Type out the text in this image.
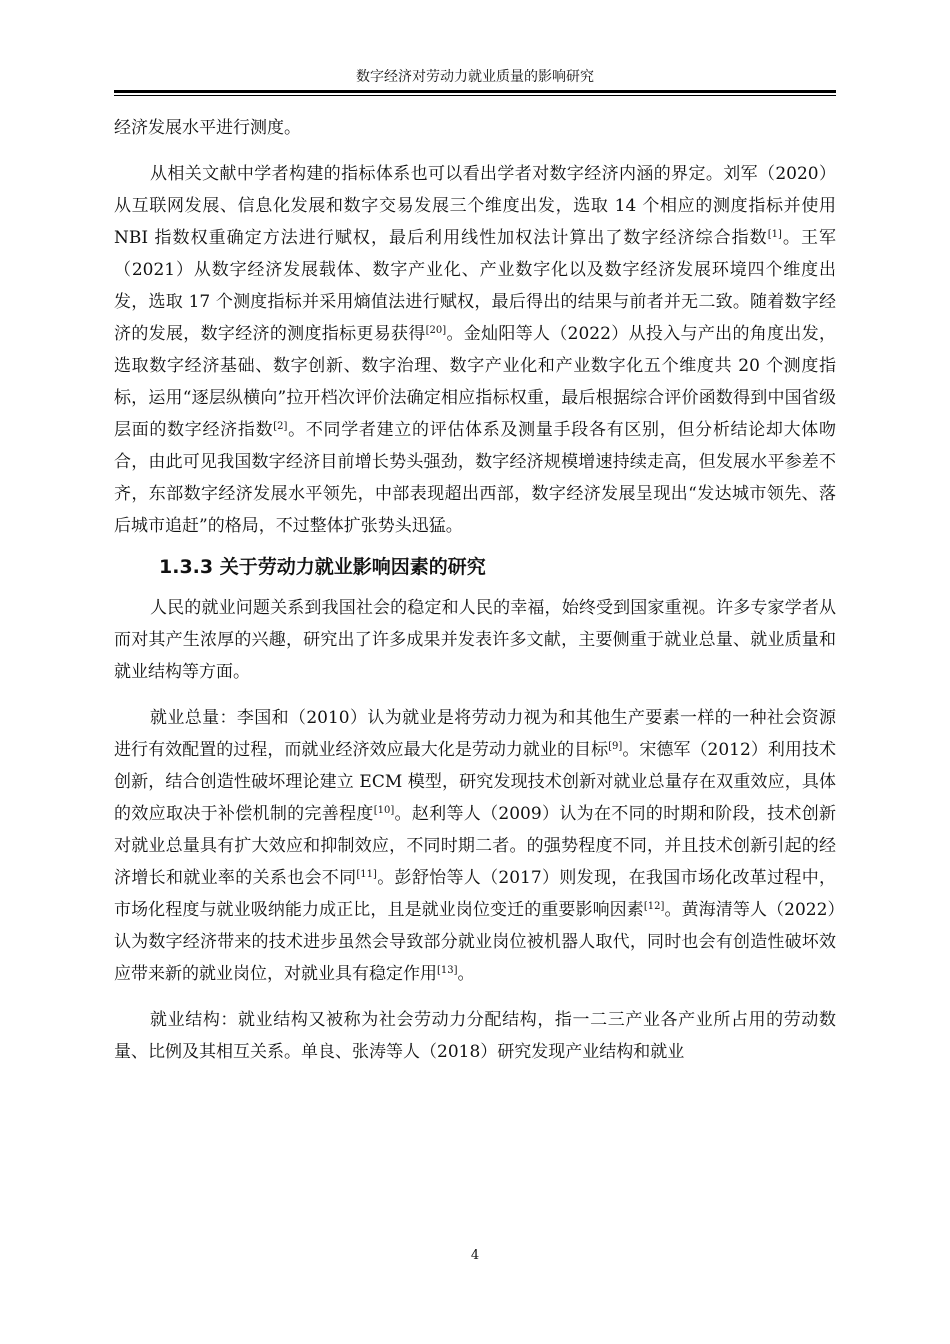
数字经济对劳动力就业质量的影响研究

经济发展水平进行测度。

从相关文献中学者构建的指标体系也可以看出学者对数字经济内涵的界定。刘军（2020）从互联网发展、信息化发展和数字交易发展三个维度出发，选取 14 个相应的测度指标并使用 NBI 指数权重确定方法进行赋权，最后利用线性加权法计算出了数字经济综合指数[1]。王军（2021）从数字经济发展载体、数字产业化、产业数字化以及数字经济发展环境四个维度出发，选取 17 个测度指标并采用熵值法进行赋权，最后得出的结果与前者并无二致。随着数字经济的发展，数字经济的测度指标更易获得[20]。金灿阳等人（2022）从投入与产出的角度出发，选取数字经济基础、数字创新、数字治理、数字产业化和产业数字化五个维度共 20 个测度指标，运用“逐层纵横向”拉开档次评价法确定相应指标权重，最后根据综合评价函数得到中国省级层面的数字经济指数[2]。不同学者建立的评估体系及测量手段各有区别，但分析结论却大体吻合，由此可见我国数字经济目前增长势头强劲，数字经济规模增速持续走高，但发展水平参差不齐，东部数字经济发展水平领先，中部表现超出西部，数字经济发展呈现出“发达城市领先、落后城市追赶”的格局，不过整体扩张势头迅猛。

1.3.3 关于劳动力就业影响因素的研究

人民的就业问题关系到我国社会的稳定和人民的幸福，始终受到国家重视。许多专家学者从而对其产生浓厚的兴趣，研究出了许多成果并发表许多文献，主要侧重于就业总量、就业质量和就业结构等方面。

就业总量：李国和（2010）认为就业是将劳动力视为和其他生产要素一样的一种社会资源进行有效配置的过程，而就业经济效应最大化是劳动力就业的目标[9]。宋德军（2012）利用技术创新，结合创造性破坏理论建立 ECM 模型，研究发现技术创新对就业总量存在双重效应，具体的效应取决于补偿机制的完善程度[10]。赵利等人（2009）认为在不同的时期和阶段，技术创新对就业总量具有扩大效应和抑制效应，不同时期二者。的强势程度不同，并且技术创新引起的经济增长和就业率的关系也会不同[11]。彭舒怡等人（2017）则发现，在我国市场化改革过程中，市场化程度与就业吸纳能力成正比，且是就业岗位变迁的重要影响因素[12]。黄海清等人（2022）认为数字经济带来的技术进步虽然会导致部分就业岗位被机器人取代，同时也会有创造性破坏效应带来新的就业岗位，对就业具有稳定作用[13]。

就业结构：就业结构又被称为社会劳动力分配结构，指一二三产业各产业所占用的劳动数量、比例及其相互关系。单良、张涛等人（2018）研究发现产业结构和就业

4
